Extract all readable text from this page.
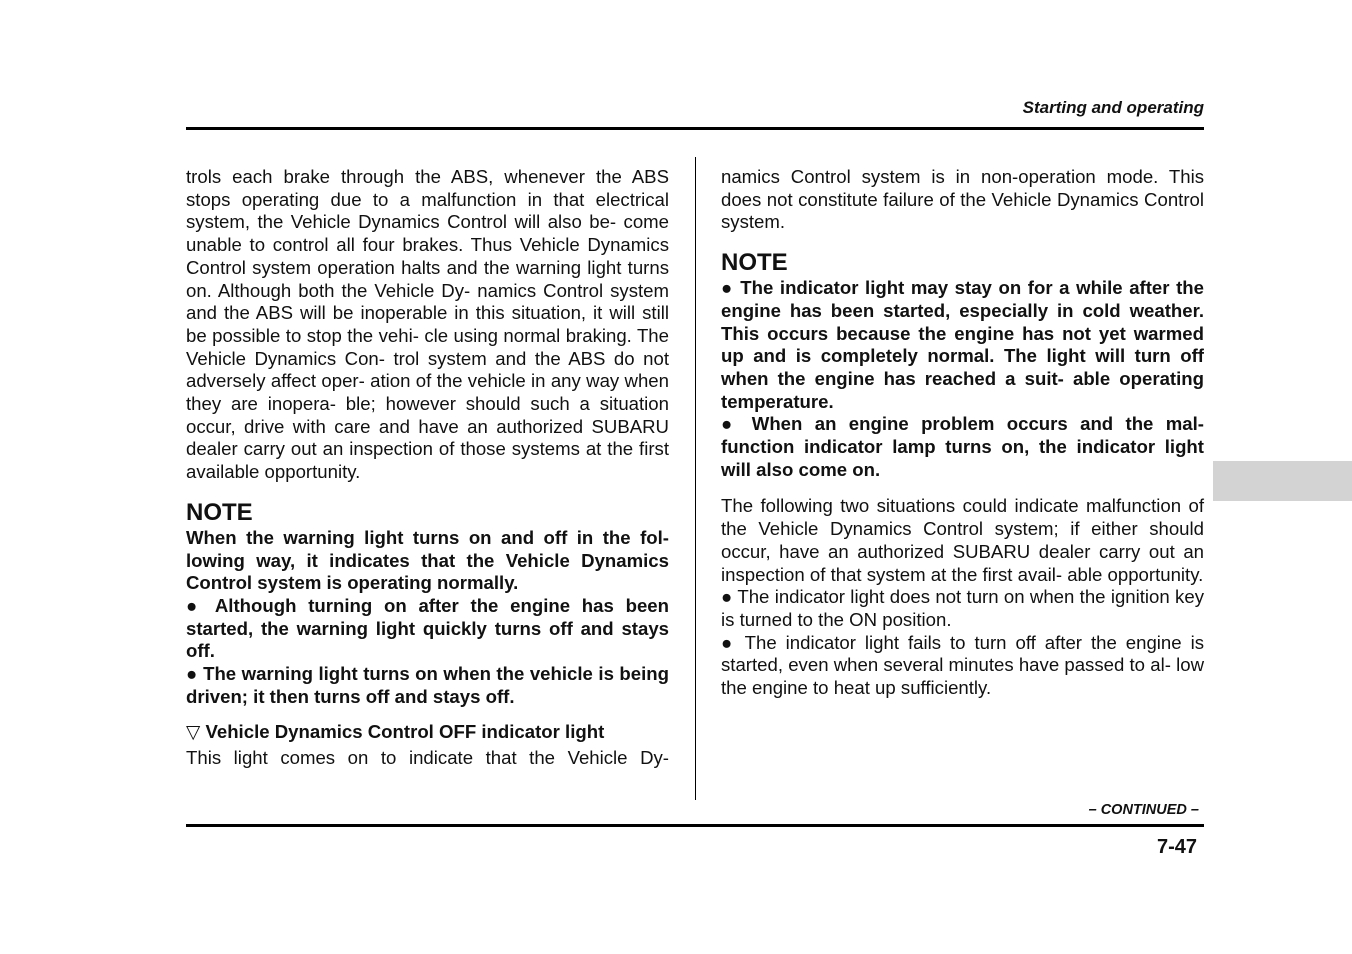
Starting and operating

trols each brake through the ABS, whenever the ABS stops operating due to a malfunction in that electrical system, the Vehicle Dynamics Control will also be- come unable to control all four brakes. Thus Vehicle Dynamics Control system operation halts and the warning light turns on. Although both the Vehicle Dy- namics Control system and the ABS will be inoperable in this situation, it will still be possible to stop the vehi- cle using normal braking. The Vehicle Dynamics Con- trol system and the ABS do not adversely affect oper- ation of the vehicle in any way when they are inopera- ble; however should such a situation occur, drive with care and have an authorized SUBARU dealer carry out an inspection of those systems at the first available opportunity.

NOTE

When the warning light turns on and off in the fol- lowing way, it indicates that the Vehicle Dynamics Control system is operating normally.

● Although turning on after the engine has been started, the warning light quickly turns off and stays off.

● The warning light turns on when the vehicle is being driven; it then turns off and stays off.

▽ Vehicle Dynamics Control OFF indicator light

This light comes on to indicate that the Vehicle Dy-

namics Control system is in non-operation mode. This does not constitute failure of the Vehicle Dynamics Control system.

NOTE

● The indicator light may stay on for a while after the engine has been started, especially in cold weather. This occurs because the engine has not yet warmed up and is completely normal. The light will turn off when the engine has reached a suit- able operating temperature.

● When an engine problem occurs and the mal- function indicator lamp turns on, the indicator light will also come on.

The following two situations could indicate malfunction of the Vehicle Dynamics Control system; if either should occur, have an authorized SUBARU dealer carry out an inspection of that system at the first avail- able opportunity.

● The indicator light does not turn on when the ignition key is turned to the ON position.

● The indicator light fails to turn off after the engine is started, even when several minutes have passed to al- low the engine to heat up sufficiently.

– CONTINUED –
7-47
